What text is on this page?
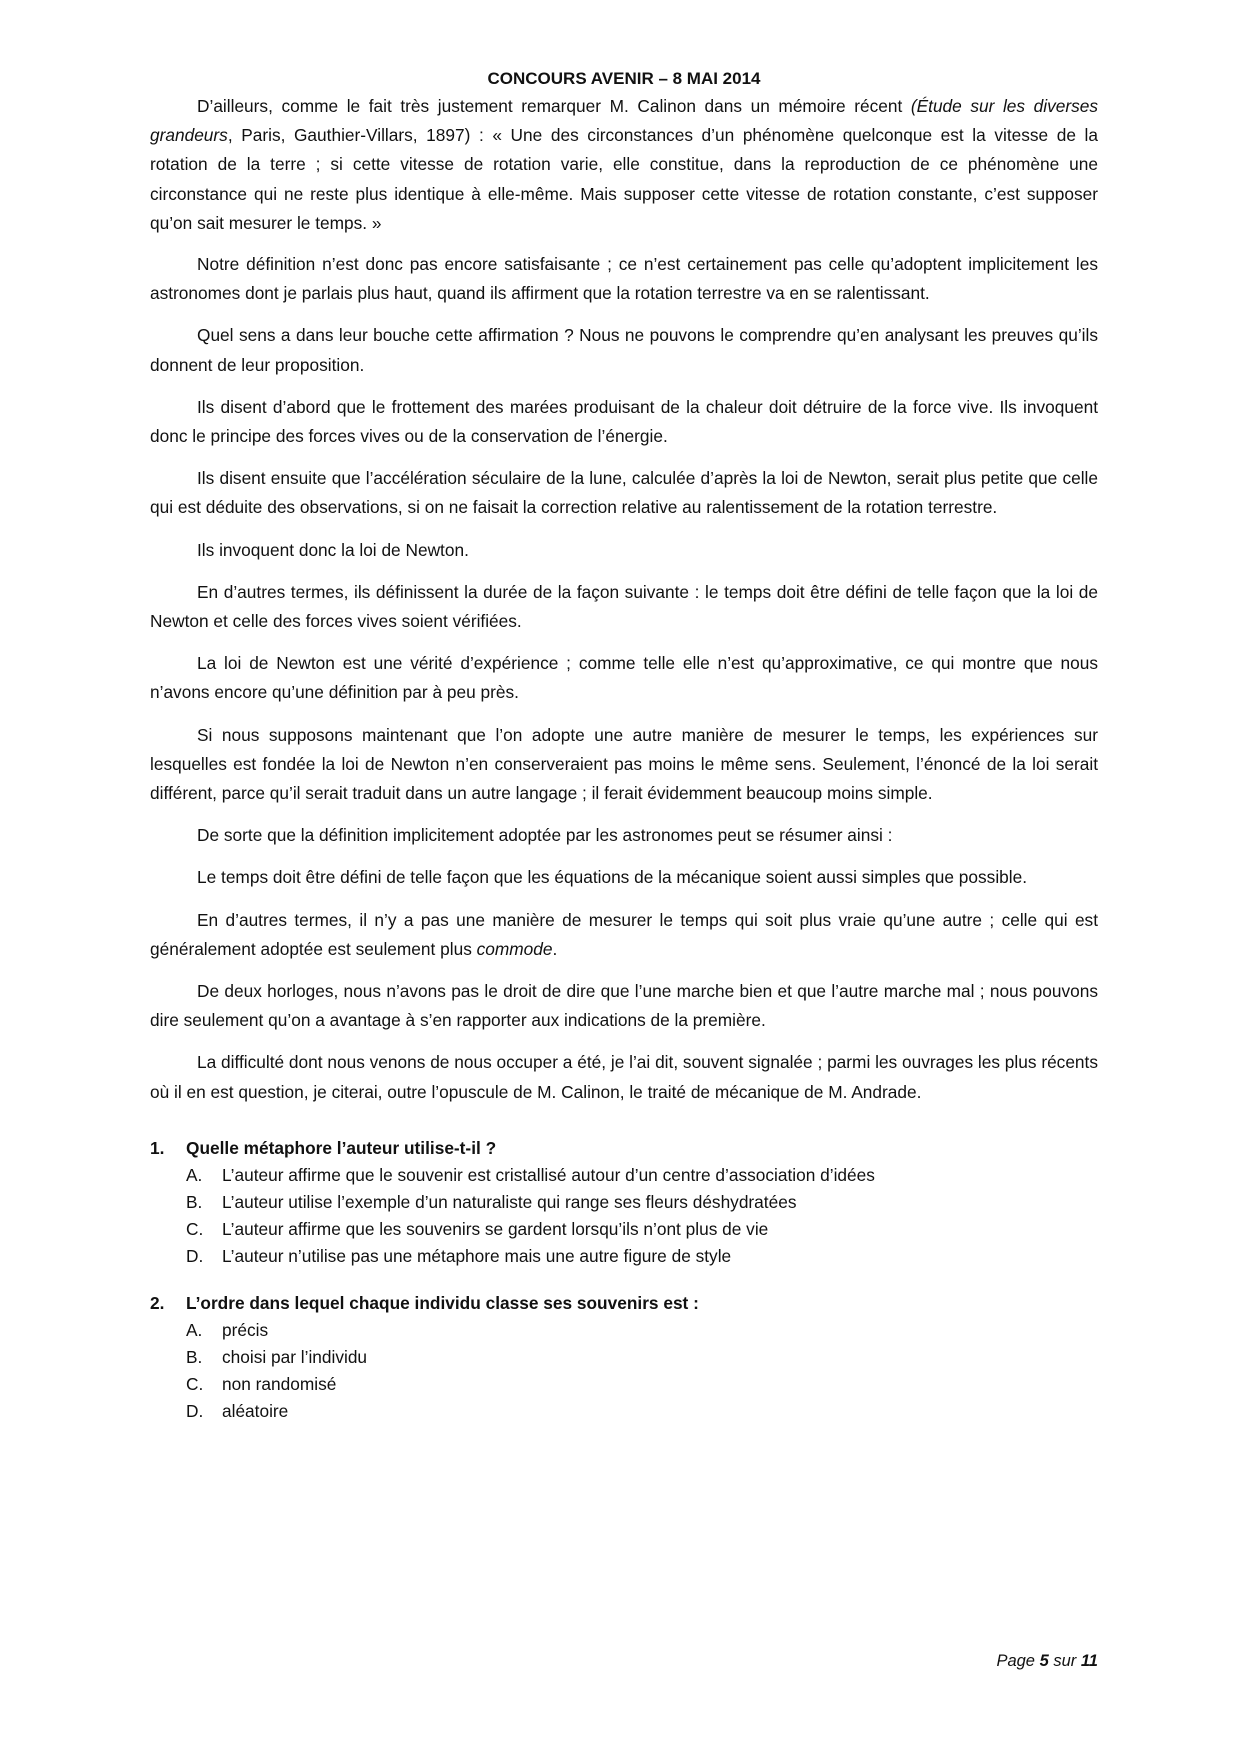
CONCOURS AVENIR – 8 MAI 2014

D’ailleurs, comme le fait très justement remarquer M. Calinon dans un mémoire récent (Étude sur les diverses grandeurs, Paris, Gauthier-Villars, 1897) : « Une des circonstances d’un phénomène quelconque est la vitesse de la rotation de la terre ; si cette vitesse de rotation varie, elle constitue, dans la reproduction de ce phénomène une circonstance qui ne reste plus identique à elle-même. Mais supposer cette vitesse de rotation constante, c’est supposer qu’on sait mesurer le temps. »

Notre définition n’est donc pas encore satisfaisante ; ce n’est certainement pas celle qu’adoptent implicitement les astronomes dont je parlais plus haut, quand ils affirment que la rotation terrestre va en se ralentissant.

Quel sens a dans leur bouche cette affirmation ? Nous ne pouvons le comprendre qu’en analysant les preuves qu’ils donnent de leur proposition.

Ils disent d’abord que le frottement des marées produisant de la chaleur doit détruire de la force vive. Ils invoquent donc le principe des forces vives ou de la conservation de l’énergie.

Ils disent ensuite que l’accélération séculaire de la lune, calculée d’après la loi de Newton, serait plus petite que celle qui est déduite des observations, si on ne faisait la correction relative au ralentissement de la rotation terrestre.

Ils invoquent donc la loi de Newton.

En d’autres termes, ils définissent la durée de la façon suivante : le temps doit être défini de telle façon que la loi de Newton et celle des forces vives soient vérifiées.

La loi de Newton est une vérité d’expérience ; comme telle elle n’est qu’approximative, ce qui montre que nous n’avons encore qu’une définition par à peu près.

Si nous supposons maintenant que l’on adopte une autre manière de mesurer le temps, les expériences sur lesquelles est fondée la loi de Newton n’en conserveraient pas moins le même sens. Seulement, l’énoncé de la loi serait différent, parce qu’il serait traduit dans un autre langage ; il ferait évidemment beaucoup moins simple.

De sorte que la définition implicitement adoptée par les astronomes peut se résumer ainsi :

Le temps doit être défini de telle façon que les équations de la mécanique soient aussi simples que possible.

En d’autres termes, il n’y a pas une manière de mesurer le temps qui soit plus vraie qu’une autre ; celle qui est généralement adoptée est seulement plus commode.

De deux horloges, nous n’avons pas le droit de dire que l’une marche bien et que l’autre marche mal ; nous pouvons dire seulement qu’on a avantage à s’en rapporter aux indications de la première.

La difficulté dont nous venons de nous occuper a été, je l’ai dit, souvent signalée ; parmi les ouvrages les plus récents où il en est question, je citerai, outre l’opuscule de M. Calinon, le traité de mécanique de M. Andrade.

1.	Quelle métaphore l’auteur utilise-t-il ?
A.	L’auteur affirme que le souvenir est cristallisé autour d’un centre d’association d’idées
B.	L’auteur utilise l’exemple d’un naturaliste qui range ses fleurs déshydratées
C.	L’auteur affirme que les souvenirs se gardent lorsqu’ils n’ont plus de vie
D.	L’auteur n’utilise pas une métaphore mais une autre figure de style
2.	L’ordre dans lequel chaque individu classe ses souvenirs est :
A.	précis
B.	choisi par l’individu
C.	non randomisé
D.	aléatoire
Page 5 sur 11
